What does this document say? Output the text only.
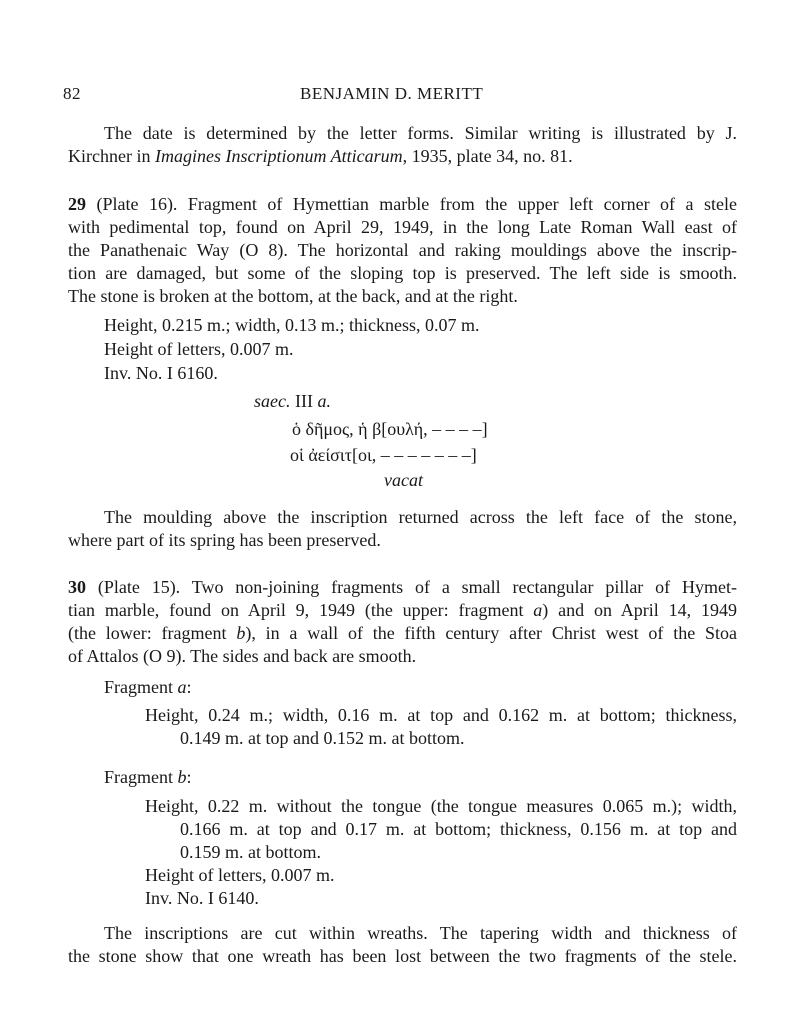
82	BENJAMIN D. MERITT
The date is determined by the letter forms. Similar writing is illustrated by J.
Kirchner in Imagines Inscriptionum Atticarum, 1935, plate 34, no. 81.
29 (Plate 16). Fragment of Hymettian marble from the upper left corner of a stele
with pedimental top, found on April 29, 1949, in the long Late Roman Wall east of
the Panathenaic Way (O 8). The horizontal and raking mouldings above the inscrip-
tion are damaged, but some of the sloping top is preserved. The left side is smooth.
The stone is broken at the bottom, at the back, and at the right.
Height, 0.215 m.; width, 0.13 m.; thickness, 0.07 m.
Height of letters, 0.007 m.
Inv. No. I 6160.
saec. III a.
ὁ δῆμος, ἡ β[ουλή, – – – –]
οἱ ἀείσιτ[οι, – – – – – – –]
vacat
The moulding above the inscription returned across the left face of the stone,
where part of its spring has been preserved.
30 (Plate 15). Two non-joining fragments of a small rectangular pillar of Hymet-
tian marble, found on April 9, 1949 (the upper: fragment a) and on April 14, 1949
(the lower: fragment b), in a wall of the fifth century after Christ west of the Stoa
of Attalos (O 9). The sides and back are smooth.
Fragment a:
Height, 0.24 m.; width, 0.16 m. at top and 0.162 m. at bottom; thickness,
0.149 m. at top and 0.152 m. at bottom.
Fragment b:
Height, 0.22 m. without the tongue (the tongue measures 0.065 m.); width,
0.166 m. at top and 0.17 m. at bottom; thickness, 0.156 m. at top and
0.159 m. at bottom.
Height of letters, 0.007 m.
Inv. No. I 6140.
The inscriptions are cut within wreaths. The tapering width and thickness of
the stone show that one wreath has been lost between the two fragments of the stele.
